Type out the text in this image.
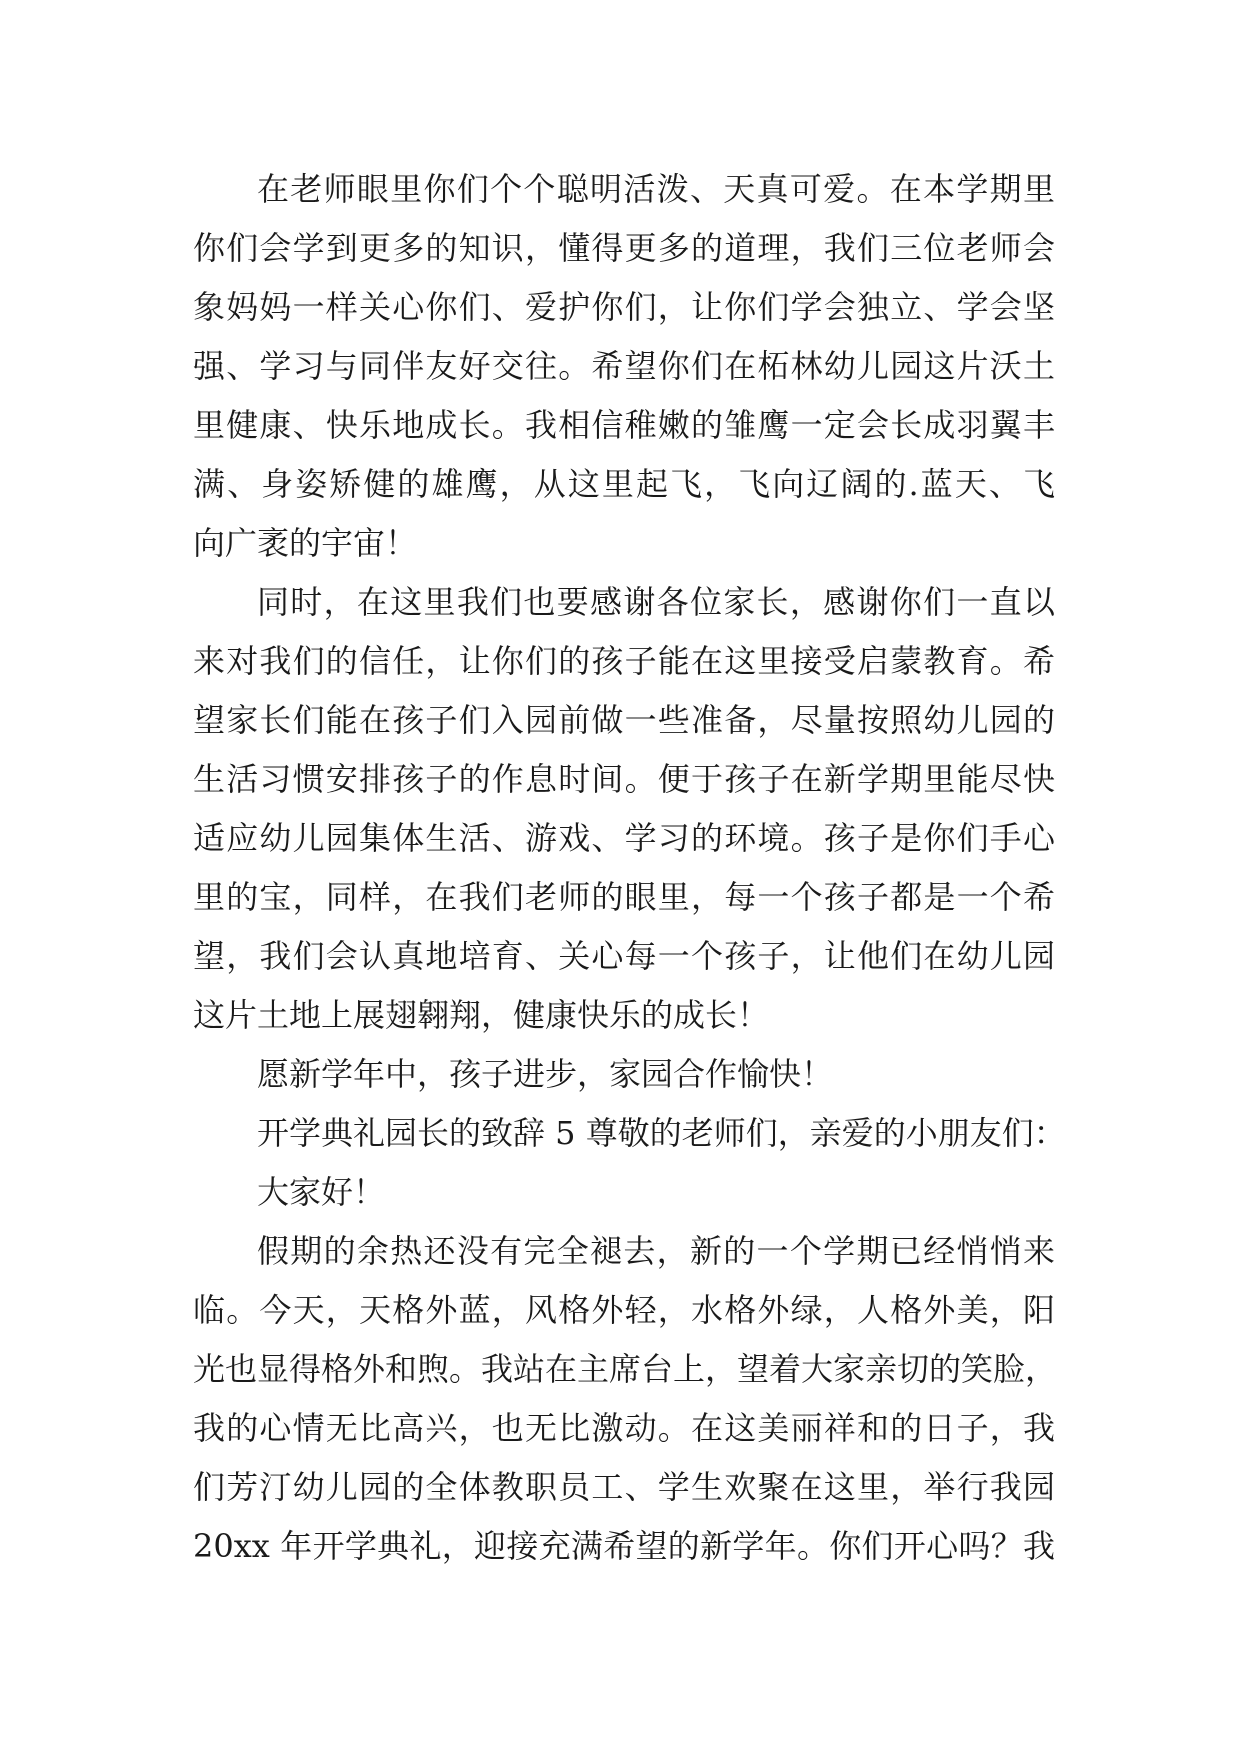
在老师眼里你们个个聪明活泼、天真可爱。在本学期里
你们会学到更多的知识，懂得更多的道理，我们三位老师会
象妈妈一样关心你们、爱护你们，让你们学会独立、学会坚
强、学习与同伴友好交往。希望你们在柘林幼儿园这片沃土
里健康、快乐地成长。我相信稚嫩的雏鹰一定会长成羽翼丰
满、身姿矫健的雄鹰，从这里起飞，飞向辽阔的.蓝天、飞
向广袤的宇宙！
同时，在这里我们也要感谢各位家长，感谢你们一直以
来对我们的信任，让你们的孩子能在这里接受启蒙教育。希
望家长们能在孩子们入园前做一些准备，尽量按照幼儿园的
生活习惯安排孩子的作息时间。便于孩子在新学期里能尽快
适应幼儿园集体生活、游戏、学习的环境。孩子是你们手心
里的宝，同样，在我们老师的眼里，每一个孩子都是一个希
望，我们会认真地培育、关心每一个孩子，让他们在幼儿园
这片土地上展翅翱翔，健康快乐的成长！
愿新学年中，孩子进步，家园合作愉快！
开学典礼园长的致辞 5 尊敬的老师们，亲爱的小朋友们：
大家好！
假期的余热还没有完全褪去，新的一个学期已经悄悄来
临。今天，天格外蓝，风格外轻，水格外绿，人格外美，阳
光也显得格外和煦。我站在主席台上，望着大家亲切的笑脸，
我的心情无比高兴，也无比激动。在这美丽祥和的日子，我
们芳汀幼儿园的全体教职员工、学生欢聚在这里，举行我园
20xx 年开学典礼，迎接充满希望的新学年。你们开心吗？我
